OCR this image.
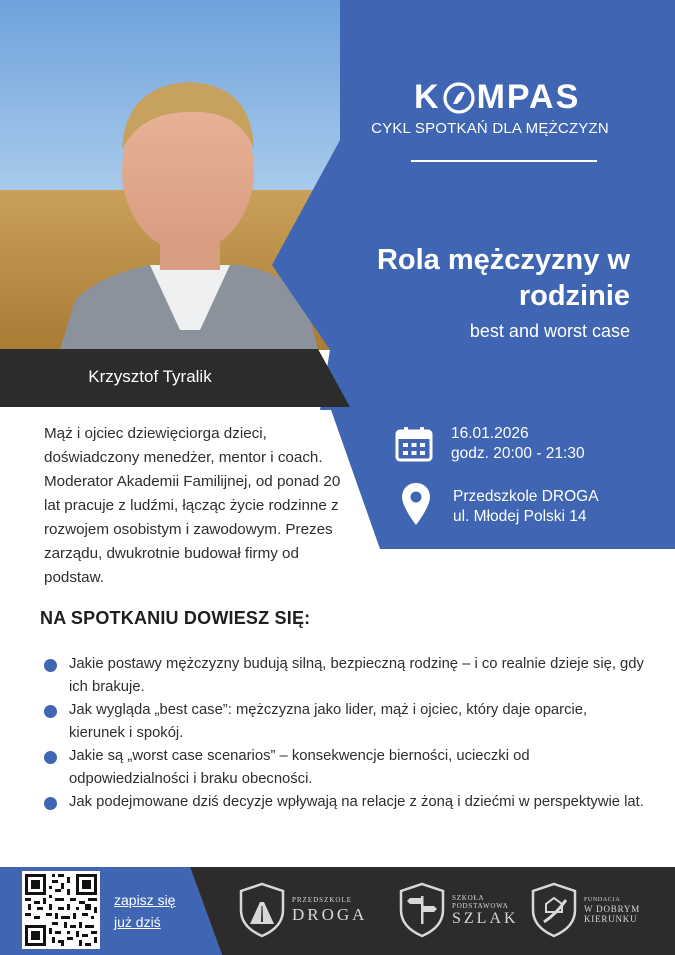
K MPAS
CYKL SPOTKAŃ DLA MĘŻCZYZN
Rola mężczyzny w
rodzinie
best and worst case
Krzysztof Tyralik

Mąż i ojciec dziewięciorga dzieci, doświadczony menedżer, mentor i coach. Moderator Akademii Familijnej, od ponad 20 lat pracuje z ludźmi, łącząc życie rodzinne z rozwojem osobistym i zawodowym. Prezes zarządu, dwukrotnie budował firmy od podstaw.

16.01.2026
godz. 20:00 - 21:30
Przedszkole DROGA
ul. Młodej Polski 14
NA SPOTKANIU DOWIESZ SIĘ:
Jakie postawy mężczyzny budują silną, bezpieczną rodzinę – i co realnie dzieje się, gdy ich brakuje.
Jak wygląda „best case”: mężczyzna jako lider, mąż i ojciec, który daje oparcie, kierunek i spokój.
Jakie są „worst case scenarios” – konsekwencje bierności, ucieczki od odpowiedzialności i braku obecności.
Jak podejmowane dziś decyzje wpływają na relacje z żoną i dziećmi w perspektywie lat.
zapisz się
już dziś
PRZEDSZKOLE
DROGA
SZKOŁA
PODSTAWOWA
SZLAK
FUNDACJA
W DOBRYM
KIERUNKU
